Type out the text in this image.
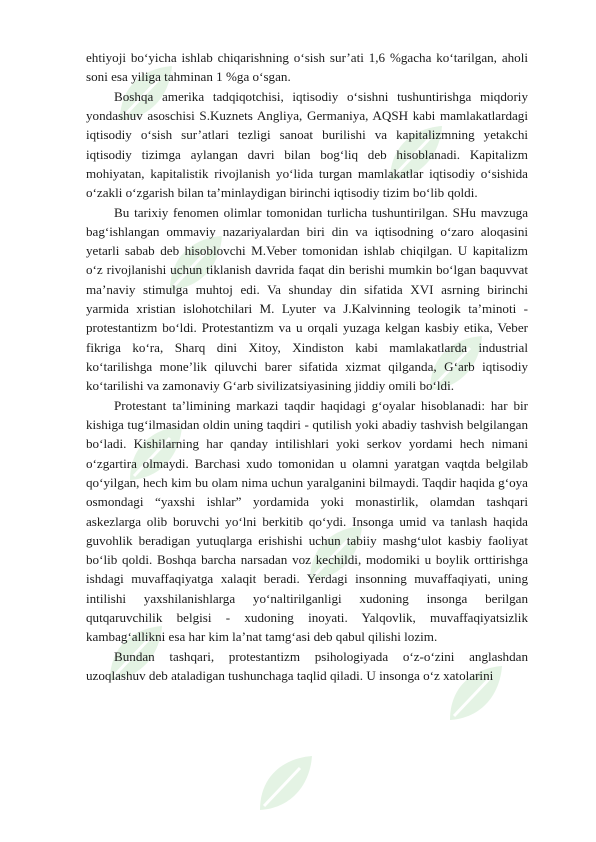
ehtiyoji bo‘yicha ishlab chiqarishning o‘sish sur’ati 1,6 %gacha ko‘tarilgan, aholi soni esa yiliga tahminan 1 %ga o‘sgan.

Boshqa amerika tadqiqotchisi, iqtisodiy o‘sishni tushuntirishga miqdoriy yondashuv asoschisi S.Kuznets Angliya, Germaniya, AQSH kabi mamlakatlardagi iqtisodiy o‘sish sur’atlari tezligi sanoat burilishi va kapitalizmning yetakchi iqtisodiy tizimga aylangan davri bilan bog‘liq deb hisoblanadi. Kapitalizm mohiyatan, kapitalistik rivojlanish yo‘lida turgan mamlakatlar iqtisodiy o‘sishida o‘zakli o‘zgarish bilan ta’minlaydigan birinchi iqtisodiy tizim bo‘lib qoldi.

Bu tarixiy fenomen olimlar tomonidan turlicha tushuntirilgan. SHu mavzuga bag‘ishlangan ommaviy nazariyalardan biri din va iqtisodning o‘zaro aloqasini yetarli sabab deb hisoblovchi M.Veber tomonidan ishlab chiqilgan. U kapitalizm o‘z rivojlanishi uchun tiklanish davrida faqat din berishi mumkin bo‘lgan baquvvat ma’naviy stimulga muhtoj edi. Va shunday din sifatida XVI asrning birinchi yarmida xristian islohotchilari M. Lyuter va J.Kalvinning teologik ta’minoti - protestantizm bo‘ldi. Protestantizm va u orqali yuzaga kelgan kasbiy etika, Veber fikriga ko‘ra, Sharq dini Xitoy, Xindiston kabi mamlakatlarda industrial ko‘tarilishga mone’lik qiluvchi barer sifatida xizmat qilganda, G‘arb iqtisodiy ko‘tarilishi va zamonaviy G‘arb sivilizatsiyasining jiddiy omili bo‘ldi.

Protestant ta’limining markazi taqdir haqidagi g‘oyalar hisoblanadi: har bir kishiga tug‘ilmasidan oldin uning taqdiri - qutilish yoki abadiy tashvish belgilangan bo‘ladi. Kishilarning har qanday intilishlari yoki serkov yordami hech nimani o‘zgartira olmaydi. Barchasi xudo tomonidan u olamni yaratgan vaqtda belgilab qo‘yilgan, hech kim bu olam nima uchun yaralganini bilmaydi. Taqdir haqida g‘oya osmondagi “yaxshi ishlar” yordamida yoki monastirlik, olamdan tashqari askezlarga olib boruvchi yo‘lni berkitib qo‘ydi. Insonga umid va tanlash haqida guvohlik beradigan yutuqlarga erishishi uchun tabiiy mashg‘ulot kasbiy faoliyat bo‘lib qoldi. Boshqa barcha narsadan voz kechildi, modomiki u boylik orttirishga ishdagi muvaffaqiyatga xalaqit beradi. Yerdagi insonning muvaffaqiyati, uning intilishi yaxshilanishlarga yo‘naltirilganligi xudoning insonga berilgan qutqaruvchilik belgisi - xudoning inoyati. Yalqovlik, muvaffaqiyatsizlik kambag‘allikni esa har kim la’nat tamg‘asi deb qabul qilishi lozim.

Bundan tashqari, protestantizm psihologiyada o‘z-o‘zini anglashdan uzoqlashuv deb ataladigan tushunchaga taqlid qiladi. U insonga o‘z xatolarini
